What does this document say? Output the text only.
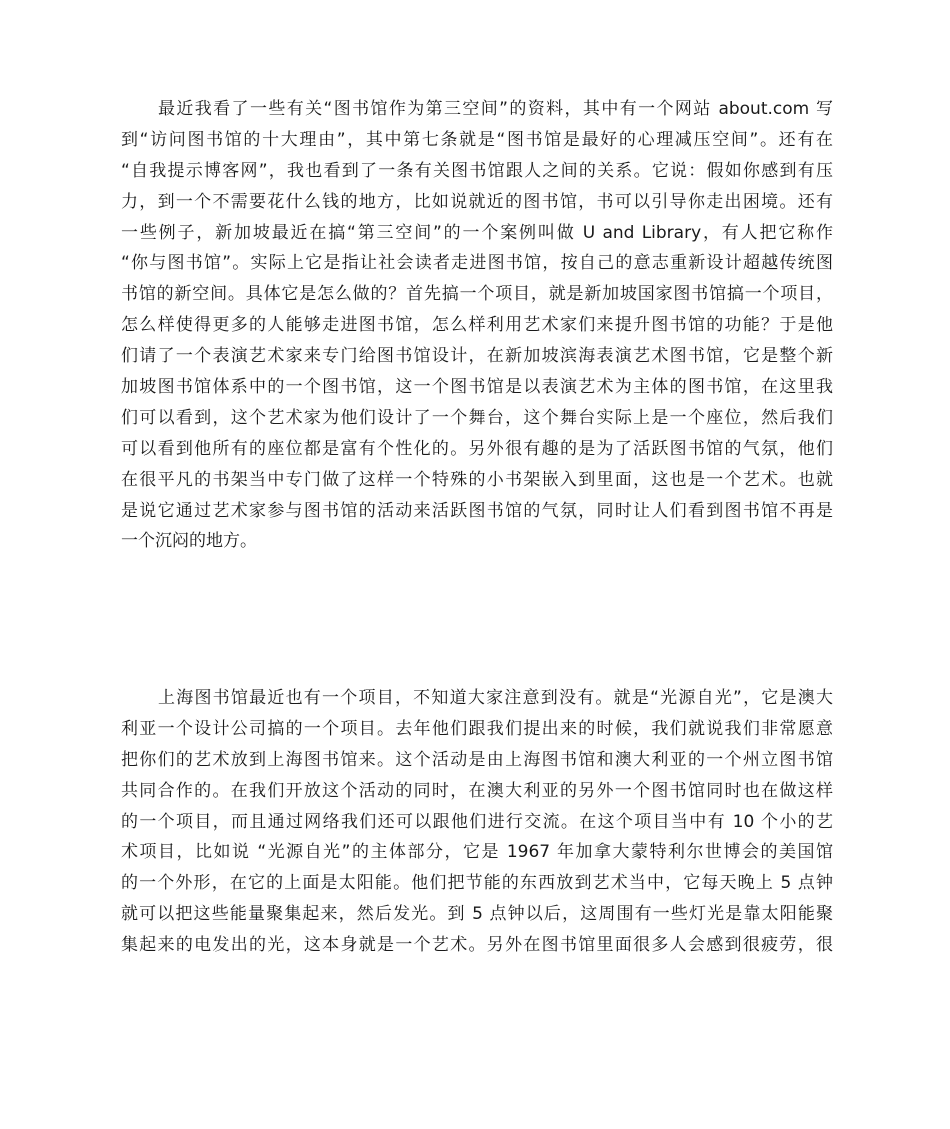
最近我看了一些有关“图书馆作为第三空间”的资料，其中有一个网站 about.com 写
到“访问图书馆的十大理由”，其中第七条就是“图书馆是最好的心理减压空间”。还有在
“自我提示博客网”，我也看到了一条有关图书馆跟人之间的关系。它说：假如你感到有压
力，到一个不需要花什么钱的地方，比如说就近的图书馆，书可以引导你走出困境。还有
一些例子，新加坡最近在搞“第三空间”的一个案例叫做 U and Library，有人把它称作
“你与图书馆”。实际上它是指让社会读者走进图书馆，按自己的意志重新设计超越传统图
书馆的新空间。具体它是怎么做的？首先搞一个项目，就是新加坡国家图书馆搞一个项目，
怎么样使得更多的人能够走进图书馆，怎么样利用艺术家们来提升图书馆的功能？于是他
们请了一个表演艺术家来专门给图书馆设计，在新加坡滨海表演艺术图书馆，它是整个新
加坡图书馆体系中的一个图书馆，这一个图书馆是以表演艺术为主体的图书馆，在这里我
们可以看到，这个艺术家为他们设计了一个舞台，这个舞台实际上是一个座位，然后我们
可以看到他所有的座位都是富有个性化的。另外很有趣的是为了活跃图书馆的气氛，他们
在很平凡的书架当中专门做了这样一个特殊的小书架嵌入到里面，这也是一个艺术。也就
是说它通过艺术家参与图书馆的活动来活跃图书馆的气氛，同时让人们看到图书馆不再是
一个沉闷的地方。
上海图书馆最近也有一个项目，不知道大家注意到没有。就是“光源自光”，它是澳大
利亚一个设计公司搞的一个项目。去年他们跟我们提出来的时候，我们就说我们非常愿意
把你们的艺术放到上海图书馆来。这个活动是由上海图书馆和澳大利亚的一个州立图书馆
共同合作的。在我们开放这个活动的同时，在澳大利亚的另外一个图书馆同时也在做这样
的一个项目，而且通过网络我们还可以跟他们进行交流。在这个项目当中有 10 个小的艺
术项目，比如说 “光源自光”的主体部分，它是 1967 年加拿大蒙特利尔世博会的美国馆
的一个外形，在它的上面是太阳能。他们把节能的东西放到艺术当中，它每天晚上 5 点钟
就可以把这些能量聚集起来，然后发光。到 5 点钟以后，这周围有一些灯光是靠太阳能聚
集起来的电发出的光，这本身就是一个艺术。另外在图书馆里面很多人会感到很疲劳，很
